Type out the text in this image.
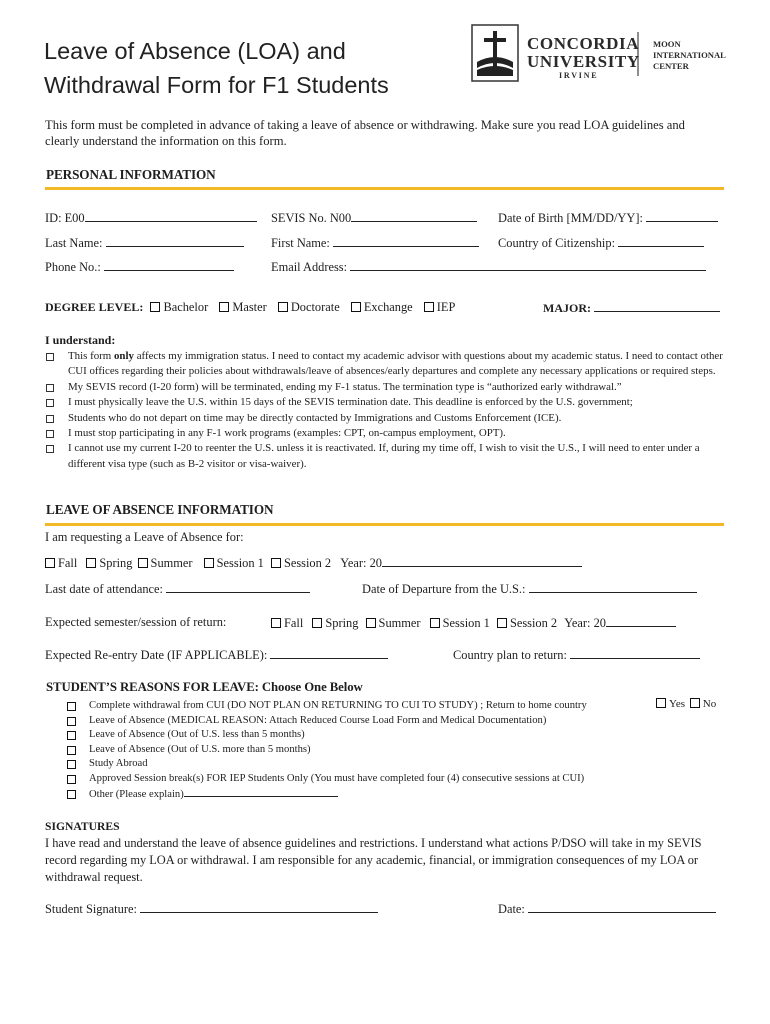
Leave of Absence (LOA) and
Withdrawal Form for F1 Students
CONCORDIA
UNIVERSITY
IRVINE
MOON
INTERNATIONAL
CENTER
This form must be completed in advance of taking a leave of absence or withdrawing. Make sure you read LOA guidelines and clearly understand the information on this form.
PERSONAL INFORMATION
ID: E00	SEVIS No. N00	Date of Birth [MM/DD/YY]:
Last Name:	First Name:	Country of Citizenship:
Phone No.:	Email Address:
DEGREE LEVEL: Bachelor Master Doctorate Exchange IEP	MAJOR:
I understand:
This form only affects my immigration status. I need to contact my academic advisor with questions about my academic status. I need to contact other CUI offices regarding their policies about withdrawals/leave of absences/early departures and complete any necessary applications or required steps.
My SEVIS record (I-20 form) will be terminated, ending my F-1 status. The termination type is “authorized early withdrawal.”
I must physically leave the U.S. within 15 days of the SEVIS termination date. This deadline is enforced by the U.S. government;
Students who do not depart on time may be directly contacted by Immigrations and Customs Enforcement (ICE).
I must stop participating in any F-1 work programs (examples: CPT, on-campus employment, OPT).
I cannot use my current I-20 to reenter the U.S. unless it is reactivated. If, during my time off, I wish to visit the U.S., I will need to enter under a different visa type (such as B-2 visitor or visa-waiver).
LEAVE OF ABSENCE INFORMATION
I am requesting a Leave of Absence for:
Fall Spring Summer Session 1 Session 2 Year: 20
Last date of attendance:	Date of Departure from the U.S.:
Expected semester/session of return:	Fall Spring Summer Session 1 Session 2 Year: 20
Expected Re-entry Date (IF APPLICABLE):	Country plan to return:
STUDENT’S REASONS FOR LEAVE: Choose One Below
Complete withdrawal from CUI (DO NOT PLAN ON RETURNING TO CUI TO STUDY) ; Return to home country
Leave of Absence (MEDICAL REASON: Attach Reduced Course Load Form and Medical Documentation)
Leave of Absence (Out of U.S. less than 5 months)
Leave of Absence (Out of U.S. more than 5 months)
Study Abroad
Approved Session break(s) FOR IEP Students Only (You must have completed four (4) consecutive sessions at CUI)
Other (Please explain)
Yes No
SIGNATURES
I have read and understand the leave of absence guidelines and restrictions. I understand what actions P/DSO will take in my SEVIS record regarding my LOA or withdrawal. I am responsible for any academic, financial, or immigration consequences of my LOA or withdrawal request.
Student Signature:	Date:
